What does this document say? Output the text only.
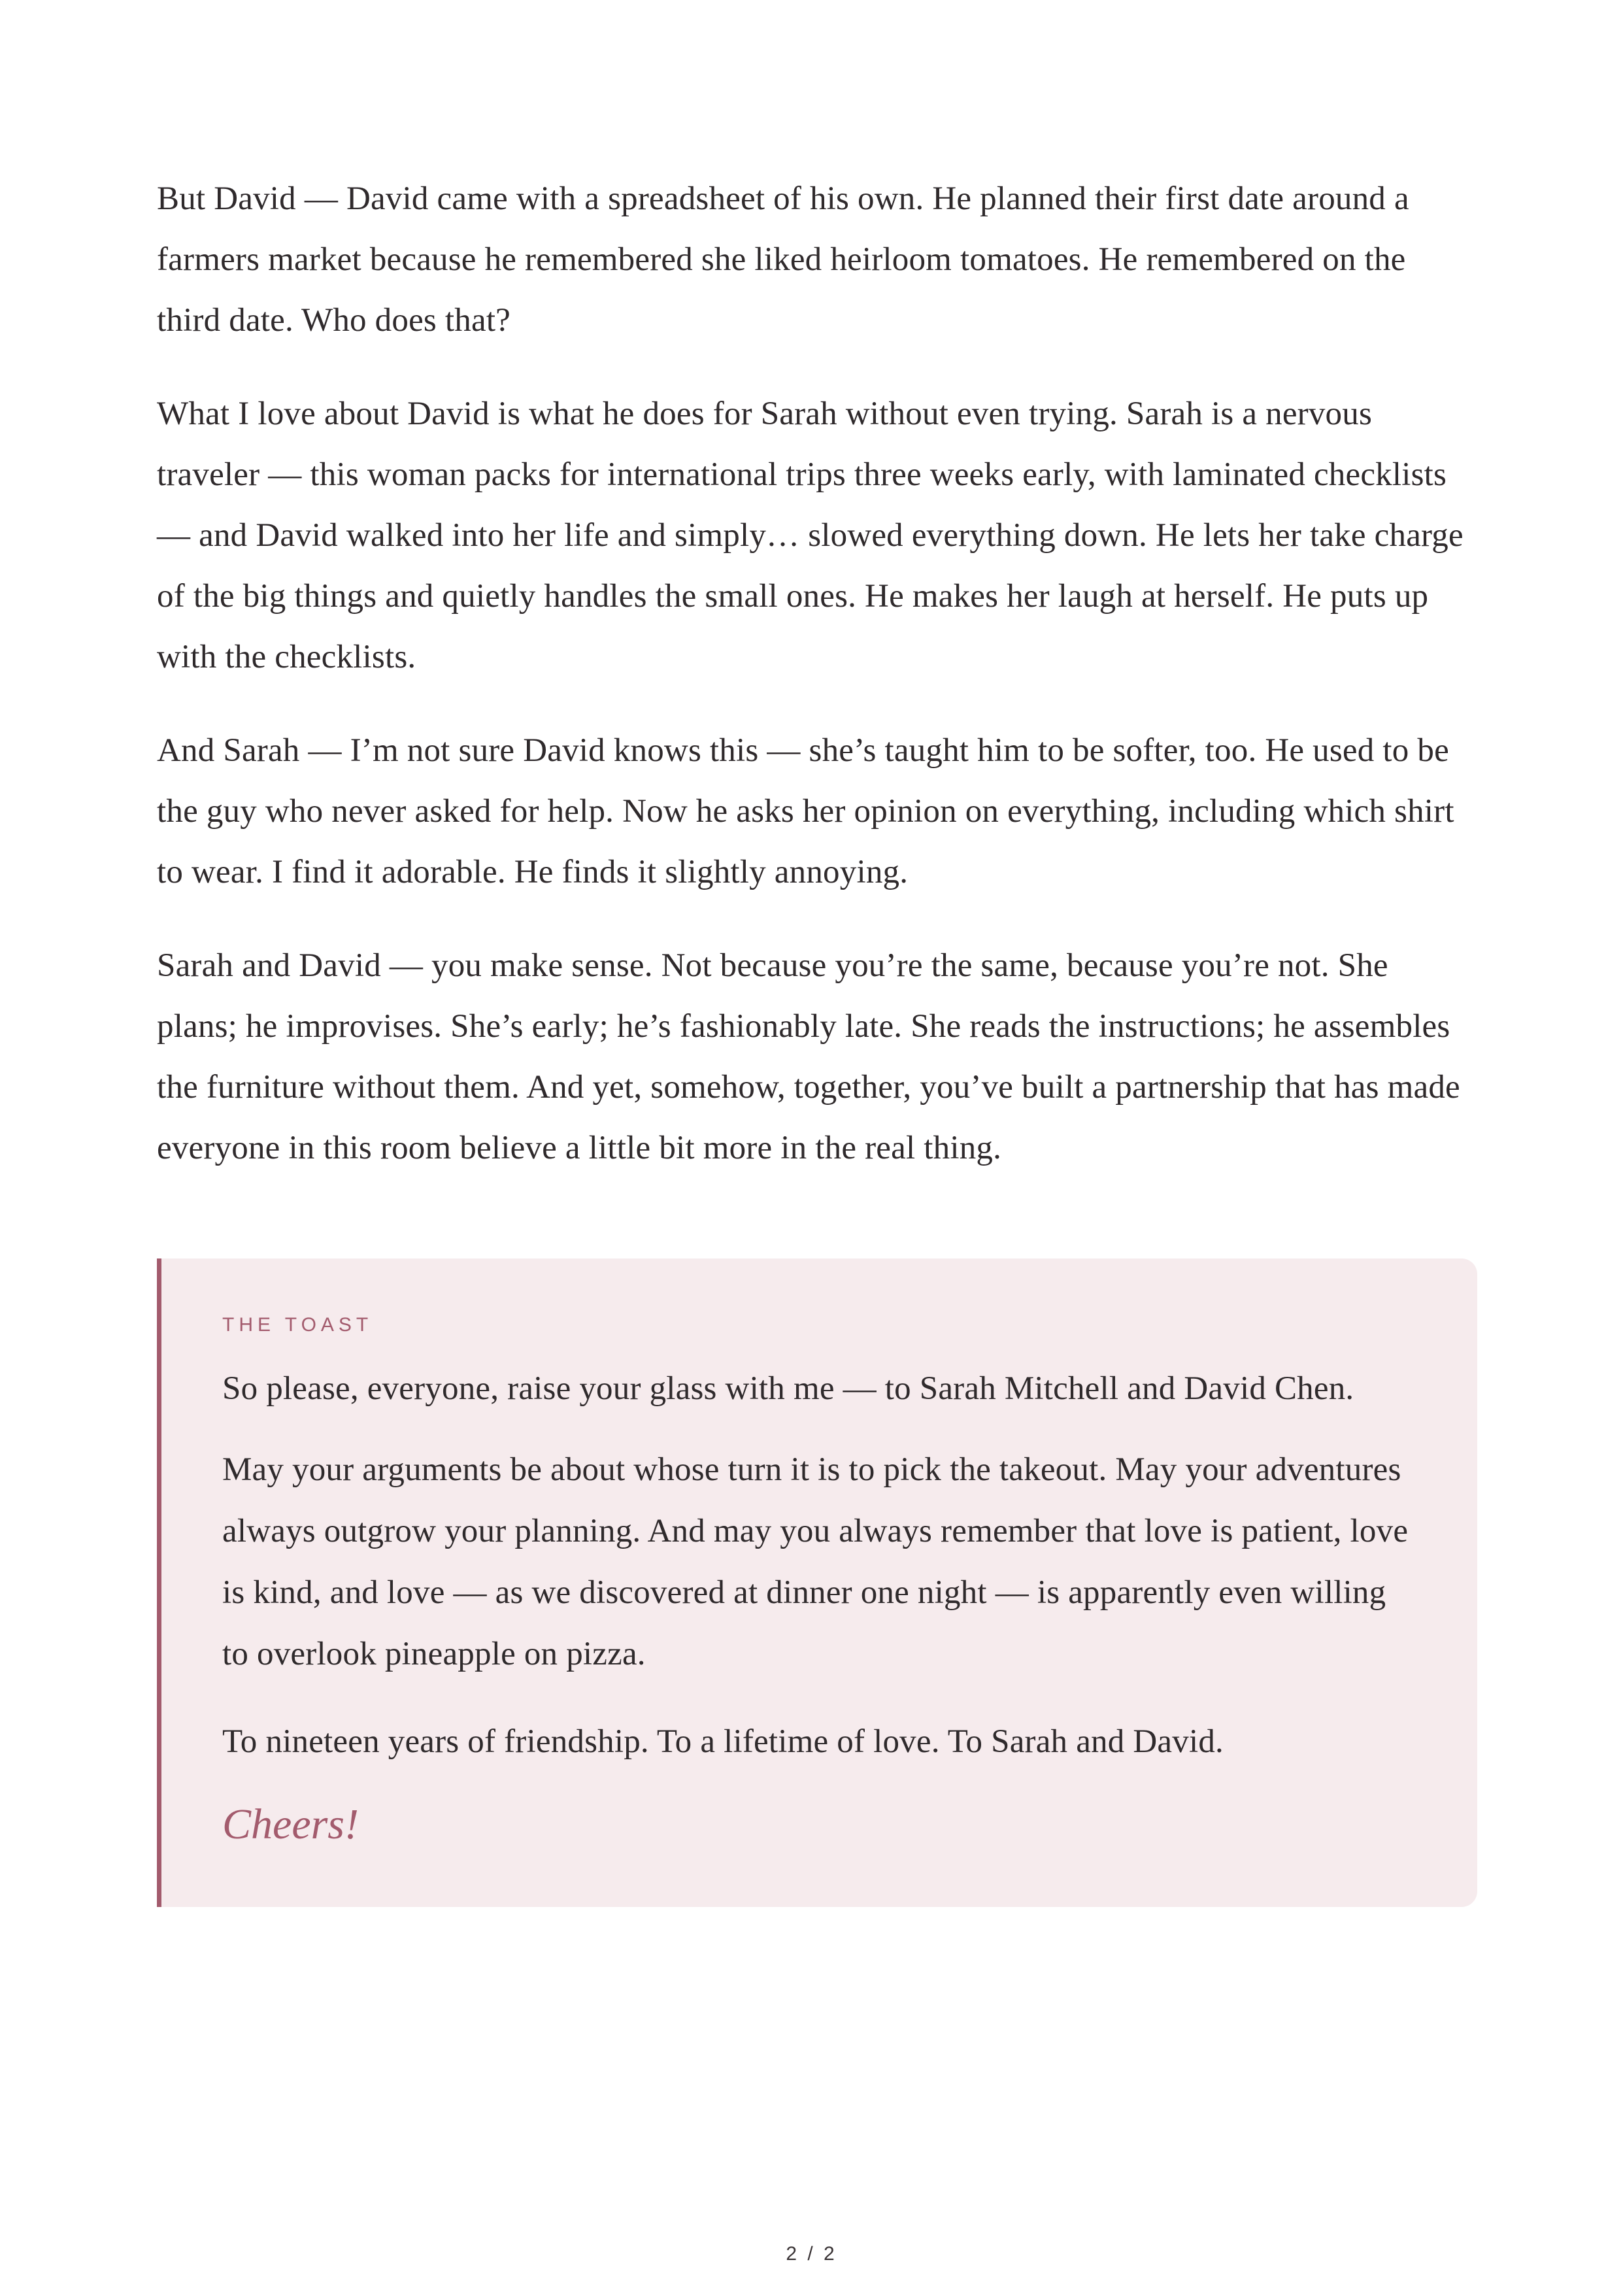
But David — David came with a spreadsheet of his own. He planned their first date around a farmers market because he remembered she liked heirloom tomatoes. He remembered on the third date. Who does that?

What I love about David is what he does for Sarah without even trying. Sarah is a nervous traveler — this woman packs for international trips three weeks early, with laminated checklists — and David walked into her life and simply… slowed everything down. He lets her take charge of the big things and quietly handles the small ones. He makes her laugh at herself. He puts up with the checklists.

And Sarah — I’m not sure David knows this — she’s taught him to be softer, too. He used to be the guy who never asked for help. Now he asks her opinion on everything, including which shirt to wear. I find it adorable. He finds it slightly annoying.

Sarah and David — you make sense. Not because you’re the same, because you’re not. She plans; he improvises. She’s early; he’s fashionably late. She reads the instructions; he assembles the furniture without them. And yet, somehow, together, you’ve built a partnership that has made everyone in this room believe a little bit more in the real thing.

THE TOAST

So please, everyone, raise your glass with me — to Sarah Mitchell and David Chen.

May your arguments be about whose turn it is to pick the takeout. May your adventures always outgrow your planning. And may you always remember that love is patient, love is kind, and love — as we discovered at dinner one night — is apparently even willing to overlook pineapple on pizza.

To nineteen years of friendship. To a lifetime of love. To Sarah and David.

Cheers!
2 / 2
